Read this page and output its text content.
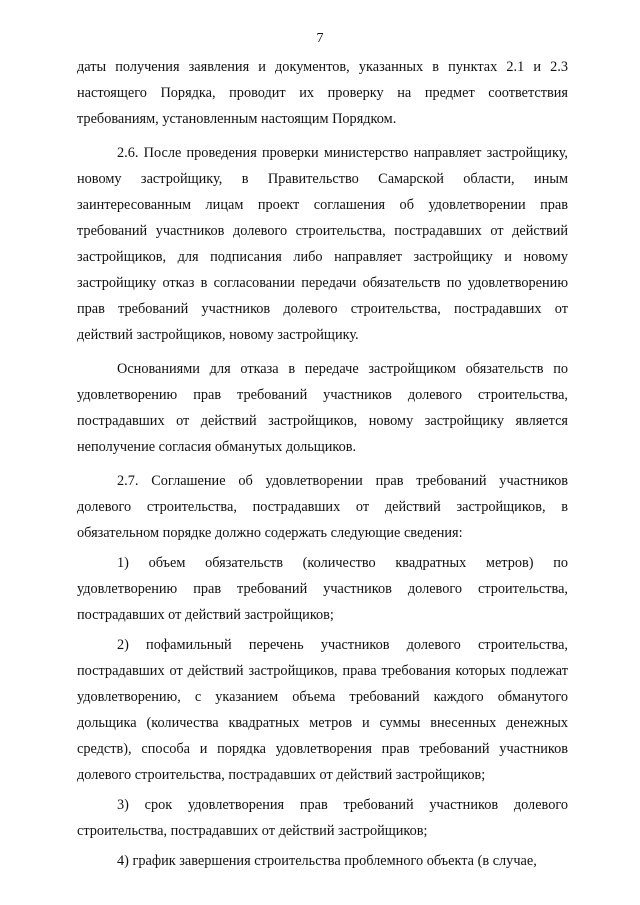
7

даты получения заявления и документов, указанных в пунктах 2.1 и 2.3 настоящего Порядка, проводит их проверку на предмет соответствия требованиям, установленным настоящим Порядком.

2.6. После проведения проверки министерство направляет застройщику, новому застройщику, в Правительство Самарской области, иным заинтересованным лицам проект соглашения об удовлетворении прав требований участников долевого строительства, пострадавших от действий застройщиков, для подписания либо направляет застройщику и новому застройщику отказ в согласовании передачи обязательств по удовлетворению прав требований участников долевого строительства, пострадавших от действий застройщиков, новому застройщику.

Основаниями для отказа в передаче застройщиком обязательств по удовлетворению прав требований участников долевого строительства, пострадавших от действий застройщиков, новому застройщику является неполучение согласия обманутых дольщиков.

2.7. Соглашение об удовлетворении прав требований участников долевого строительства, пострадавших от действий застройщиков, в обязательном порядке должно содержать следующие сведения:

1) объем обязательств (количество квадратных метров) по удовлетворению прав требований участников долевого строительства, пострадавших от действий застройщиков;

2) пофамильный перечень участников долевого строительства, пострадавших от действий застройщиков, права требования которых подлежат удовлетворению, с указанием объема требований каждого обманутого дольщика (количества квадратных метров и суммы внесенных денежных средств), способа и порядка удовлетворения прав требований участников долевого строительства, пострадавших от действий застройщиков;

3) срок удовлетворения прав требований участников долевого строительства, пострадавших от действий застройщиков;

4) график завершения строительства проблемного объекта (в случае,
